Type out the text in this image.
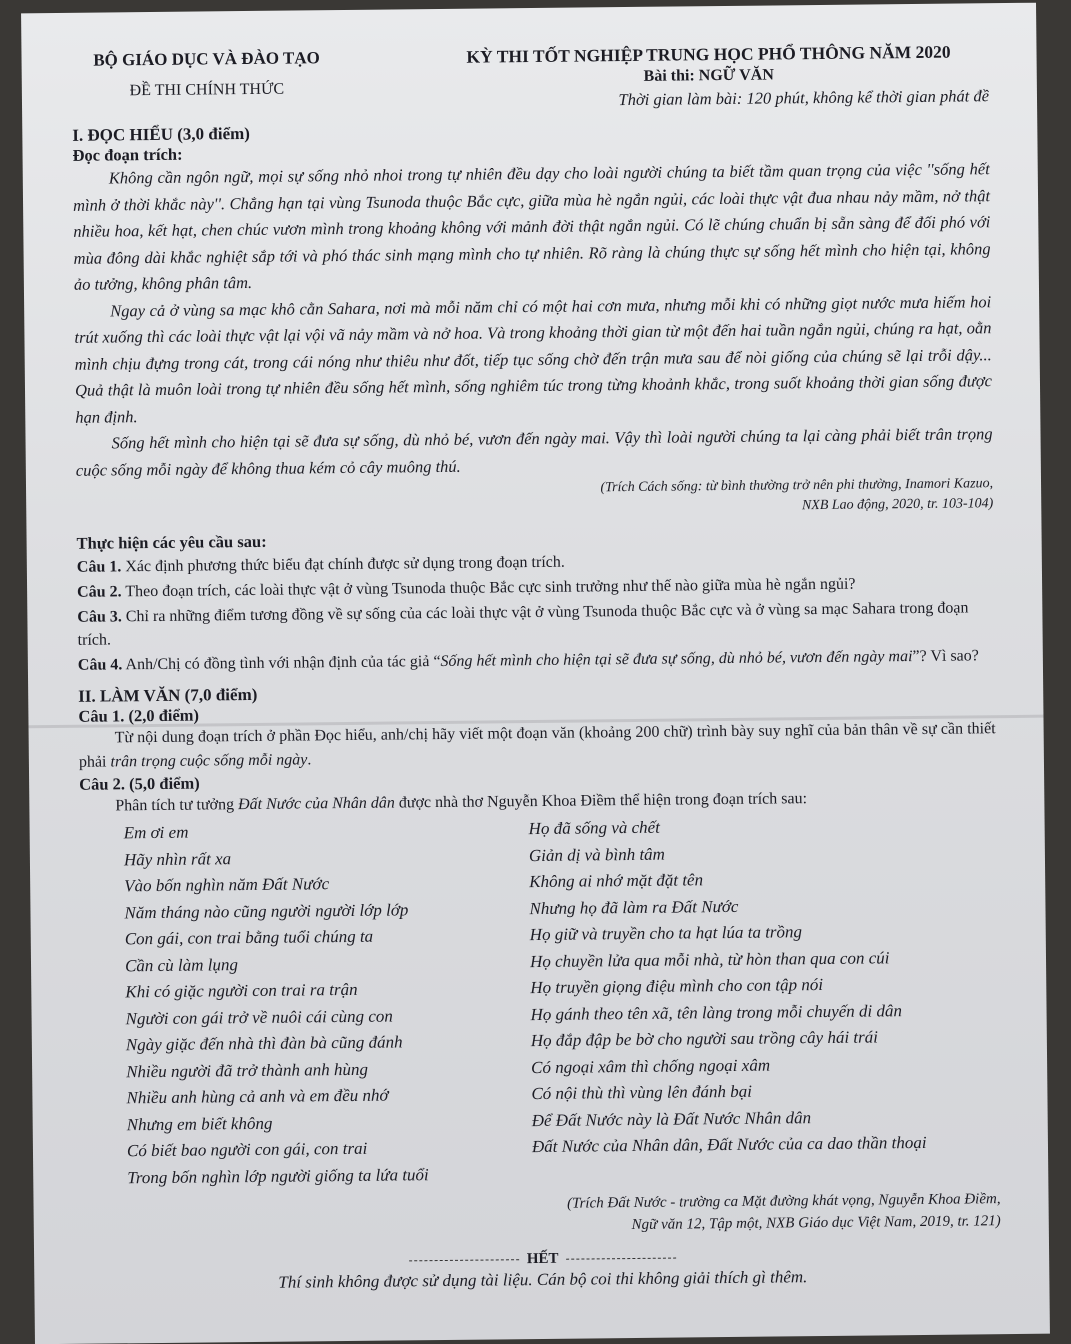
BỘ GIÁO DỤC VÀ ĐÀO TẠO
ĐỀ THI CHÍNH THỨC
KỲ THI TỐT NGHIỆP TRUNG HỌC PHỔ THÔNG NĂM 2020
Bài thi: NGỮ VĂN
Thời gian làm bài: 120 phút, không kể thời gian phát đề
I. ĐỌC HIỂU (3,0 điểm)
Đọc đoạn trích:

Không cần ngôn ngữ, mọi sự sống nhỏ nhoi trong tự nhiên đều dạy cho loài người chúng ta biết tầm quan trọng của việc ''sống hết mình ở thời khắc này''. Chẳng hạn tại vùng Tsunoda thuộc Bắc cực, giữa mùa hè ngắn ngủi, các loài thực vật đua nhau nảy mầm, nở thật nhiều hoa, kết hạt, chen chúc vươn mình trong khoảng không với mảnh đời thật ngắn ngủi. Có lẽ chúng chuẩn bị sẵn sàng để đối phó với mùa đông dài khắc nghiệt sắp tới và phó thác sinh mạng mình cho tự nhiên. Rõ ràng là chúng thực sự sống hết mình cho hiện tại, không ảo tưởng, không phân tâm.

Ngay cả ở vùng sa mạc khô cằn Sahara, nơi mà mỗi năm chỉ có một hai cơn mưa, nhưng mỗi khi có những giọt nước mưa hiếm hoi trút xuống thì các loài thực vật lại vội vã nảy mầm và nở hoa. Và trong khoảng thời gian từ một đến hai tuần ngắn ngủi, chúng ra hạt, oằn mình chịu đựng trong cát, trong cái nóng như thiêu như đốt, tiếp tục sống chờ đến trận mưa sau để nòi giống của chúng sẽ lại trỗi dậy... Quả thật là muôn loài trong tự nhiên đều sống hết mình, sống nghiêm túc trong từng khoảnh khắc, trong suốt khoảng thời gian sống được hạn định.

Sống hết mình cho hiện tại sẽ đưa sự sống, dù nhỏ bé, vươn đến ngày mai. Vậy thì loài người chúng ta lại càng phải biết trân trọng cuộc sống mỗi ngày để không thua kém cỏ cây muông thú.

(Trích Cách sống: từ bình thường trở nên phi thường, Inamori Kazuo,
NXB Lao động, 2020, tr. 103-104)
Thực hiện các yêu cầu sau:
Câu 1. Xác định phương thức biểu đạt chính được sử dụng trong đoạn trích.
Câu 2. Theo đoạn trích, các loài thực vật ở vùng Tsunoda thuộc Bắc cực sinh trưởng như thế nào giữa mùa hè ngắn ngủi?
Câu 3. Chỉ ra những điểm tương đồng về sự sống của các loài thực vật ở vùng Tsunoda thuộc Bắc cực và ở vùng sa mạc Sahara trong đoạn trích.
Câu 4. Anh/Chị có đồng tình với nhận định của tác giả “Sống hết mình cho hiện tại sẽ đưa sự sống, dù nhỏ bé, vươn đến ngày mai”? Vì sao?
II. LÀM VĂN (7,0 điểm)
Câu 1. (2,0 điểm)

Từ nội dung đoạn trích ở phần Đọc hiểu, anh/chị hãy viết một đoạn văn (khoảng 200 chữ) trình bày suy nghĩ của bản thân về sự cần thiết phải trân trọng cuộc sống mỗi ngày.

Câu 2. (5,0 điểm)

Phân tích tư tưởng Đất Nước của Nhân dân được nhà thơ Nguyễn Khoa Điềm thể hiện trong đoạn trích sau:

Em ơi em	Họ đã sống và chết
Hãy nhìn rất xa	Giản dị và bình tâm
Vào bốn nghìn năm Đất Nước	Không ai nhớ mặt đặt tên
Năm tháng nào cũng người người lớp lớp	Nhưng họ đã làm ra Đất Nước
Con gái, con trai bằng tuổi chúng ta	Họ giữ và truyền cho ta hạt lúa ta trồng
Cần cù làm lụng	Họ chuyền lửa qua mỗi nhà, từ hòn than qua con cúi
Khi có giặc người con trai ra trận	Họ truyền giọng điệu mình cho con tập nói
Người con gái trở về nuôi cái cùng con	Họ gánh theo tên xã, tên làng trong mỗi chuyến di dân
Ngày giặc đến nhà thì đàn bà cũng đánh	Họ đắp đập be bờ cho người sau trồng cây hái trái
Nhiều người đã trở thành anh hùng	Có ngoại xâm thì chống ngoại xâm
Nhiều anh hùng cả anh và em đều nhớ	Có nội thù thì vùng lên đánh bại
Nhưng em biết không	Để Đất Nước này là Đất Nước Nhân dân
Có biết bao người con gái, con trai	Đất Nước của Nhân dân, Đất Nước của ca dao thần thoại
Trong bốn nghìn lớp người giống ta lứa tuổi
(Trích Đất Nước - trường ca Mặt đường khát vọng, Nguyễn Khoa Điềm,
Ngữ văn 12, Tập một, NXB Giáo dục Việt Nam, 2019, tr. 121)
HẾT
Thí sinh không được sử dụng tài liệu. Cán bộ coi thi không giải thích gì thêm.
